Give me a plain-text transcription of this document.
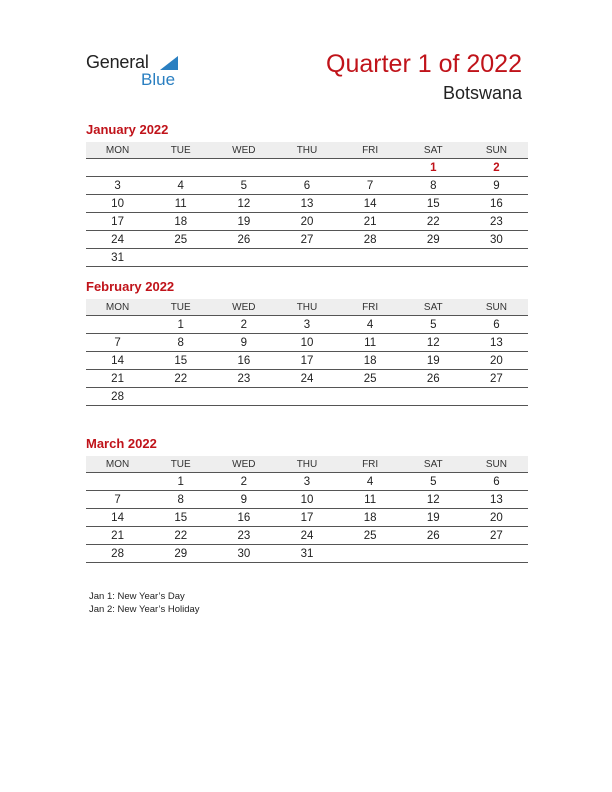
General
Blue
Quarter 1 of 2022
Botswana
January 2022
MON	TUE	WED	THU	FRI	SAT	SUN
					1	2
3	4	5	6	7	8	9
10	11	12	13	14	15	16
17	18	19	20	21	22	23
24	25	26	27	28	29	30
31						
February 2022
MON	TUE	WED	THU	FRI	SAT	SUN
	1	2	3	4	5	6
7	8	9	10	11	12	13
14	15	16	17	18	19	20
21	22	23	24	25	26	27
28						
March 2022
MON	TUE	WED	THU	FRI	SAT	SUN
	1	2	3	4	5	6
7	8	9	10	11	12	13
14	15	16	17	18	19	20
21	22	23	24	25	26	27
28	29	30	31			
Jan 1: New Year’s Day
Jan 2: New Year’s Holiday
